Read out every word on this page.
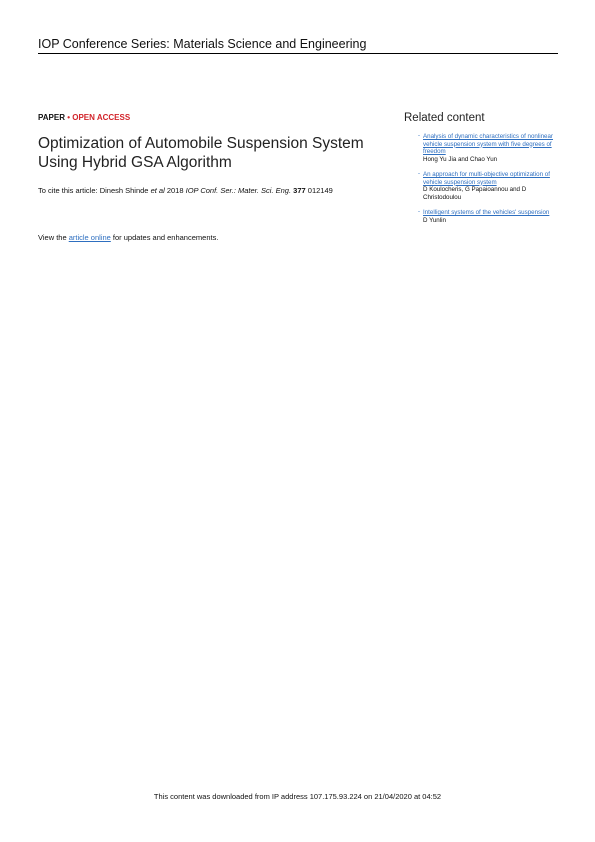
IOP Conference Series: Materials Science and Engineering
PAPER • OPEN ACCESS
Optimization of Automobile Suspension System Using Hybrid GSA Algorithm
To cite this article: Dinesh Shinde et al 2018 IOP Conf. Ser.: Mater. Sci. Eng. 377 012149
View the article online for updates and enhancements.
Related content
- Analysis of dynamic characteristics of nonlinear vehicle suspension system with five degrees of freedom
Hong Yu Jia and Chao Yun
- An approach for multi-objective optimization of vehicle suspension system
D Koulocheris, G Papaioannou and D Christodoulou
- Intelligent systems of the vehicles' suspension
D Yunlin
This content was downloaded from IP address 107.175.93.224 on 21/04/2020 at 04:52
